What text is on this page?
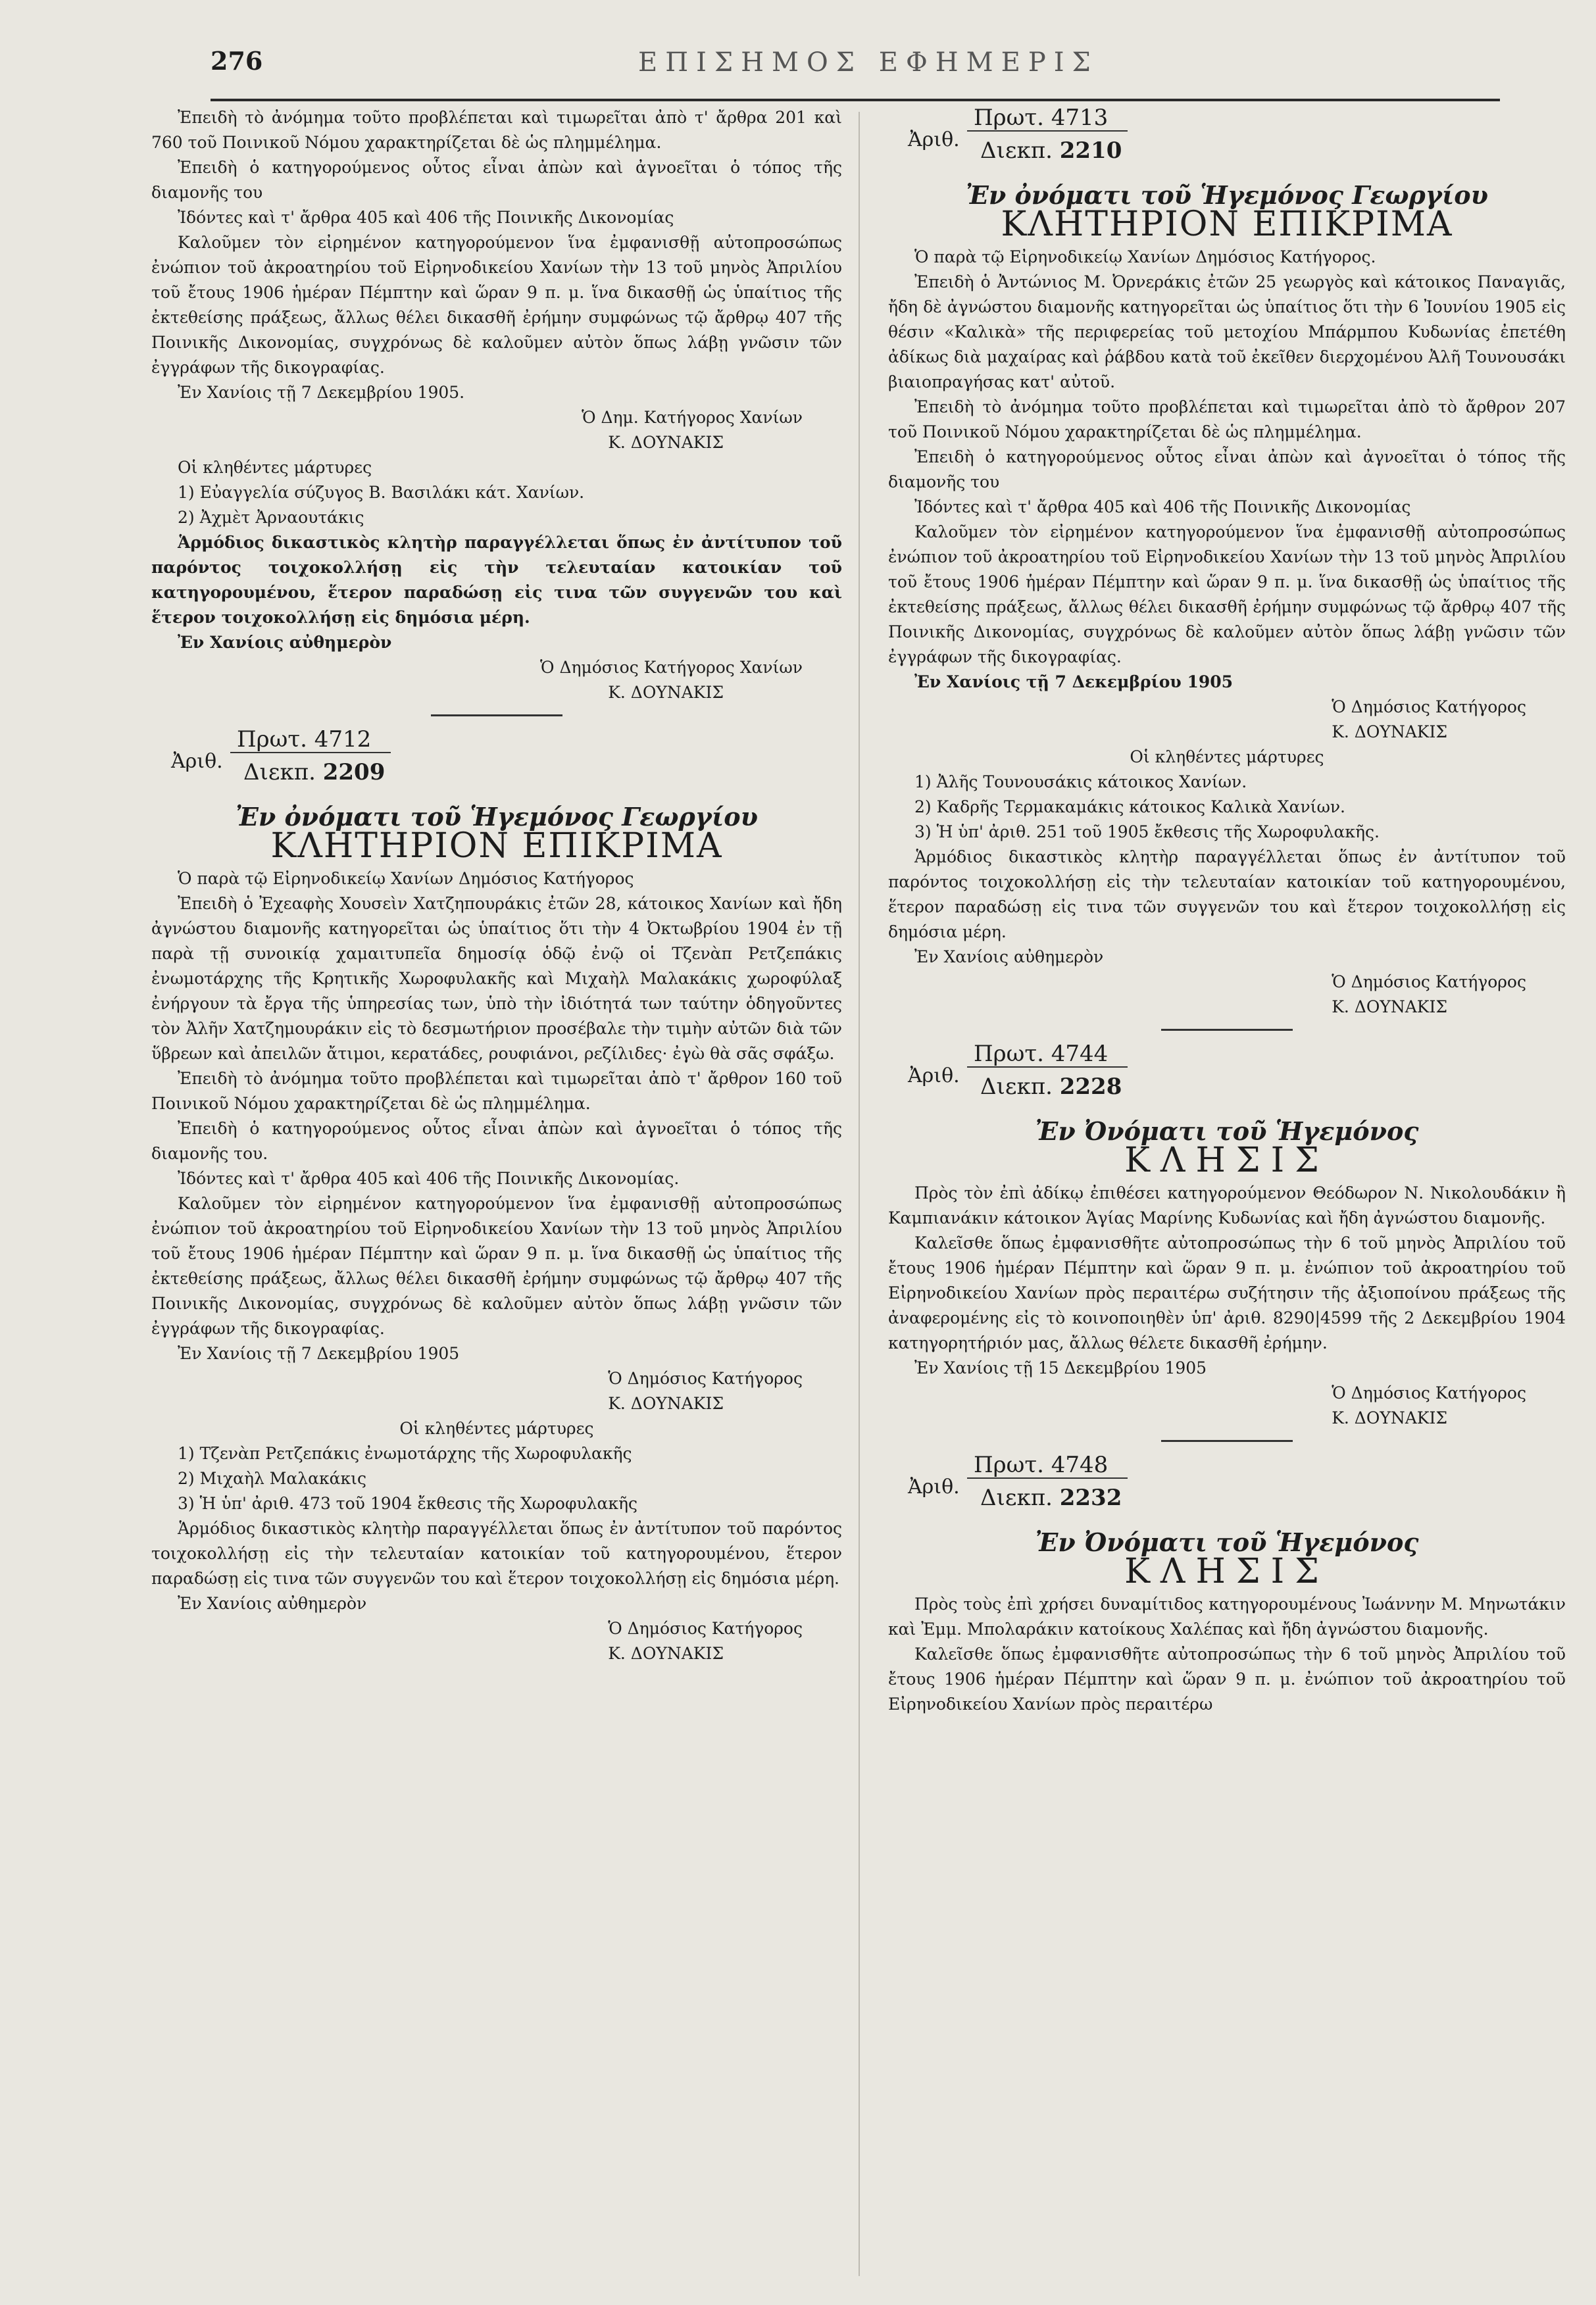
276	ΕΠΙΣΗΜΟΣ ΕΦΗΜΕΡΙΣ

Ἐπειδὴ τὸ ἀνόμημα τοῦτο προβλέπεται καὶ τιμωρεῖται ἀπὸ τ' ἄρθρα 201 καὶ 760 τοῦ Ποινικοῦ Νόμου χαρακτηρίζεται δὲ ὡς πλημμέλημα.

Ἐπειδὴ ὁ κατηγορούμενος οὗτος εἶναι ἀπὼν καὶ ἀγνοεῖται ὁ τόπος τῆς διαμονῆς του

Ἰδόντες καὶ τ' ἄρθρα 405 καὶ 406 τῆς Ποινικῆς Δικονομίας

Καλοῦμεν τὸν εἰρημένον κατηγορούμενον ἵνα ἐμφανισθῇ αὐτοπροσώπως ἐνώπιον τοῦ ἀκροατηρίου τοῦ Εἰρηνοδικείου Χανίων τὴν 13 τοῦ μηνὸς Ἀπριλίου τοῦ ἔτους 1906 ἡμέραν Πέμπτην καὶ ὥραν 9 π. μ. ἵνα δικασθῇ ὡς ὑπαίτιος τῆς ἐκτεθείσης πράξεως, ἄλλως θέλει δικασθῆ ἐρήμην συμφώνως τῷ ἄρθρῳ 407 τῆς Ποινικῆς Δικονομίας, συγχρόνως δὲ καλοῦμεν αὐτὸν ὅπως λάβῃ γνῶσιν τῶν ἐγγράφων τῆς δικογραφίας.

Ἐν Χανίοις τῇ 7 Δεκεμβρίου 1905.

Ὁ Δημ. Κατήγορος Χανίων

Κ. ΔΟΥΝΑΚΙΣ

Οἱ κληθέντες μάρτυρες

1) Εὐαγγελία σύζυγος Β. Βασιλάκι κάτ. Χανίων.

2) Ἀχμὲτ Ἀρναουτάκις

Ἁρμόδιος δικαστικὸς κλητὴρ παραγγέλλεται ὅπως ἐν ἀντίτυπον τοῦ παρόντος τοιχοκολλήσῃ εἰς τὴν τελευταίαν κατοικίαν τοῦ κατηγορουμένου, ἕτερον παραδώσῃ εἰς τινα τῶν συγγενῶν του καὶ ἕτερον τοιχοκολλήσῃ εἰς δημόσια μέρη.

Ἐν Χανίοις αὐθημερὸν

Ὁ Δημόσιος Κατήγορος Χανίων

Κ. ΔΟΥΝΑΚΙΣ

Ἀριθ.
Πρωτ. 4712
Διεκπ. 2209

Ἐν ὀνόματι τοῦ Ἡγεμόνος Γεωργίου

ΚΛΗΤΗΡΙΟΝ ΕΠΙΚΡΙΜΑ

Ὁ παρὰ τῷ Εἰρηνοδικείῳ Χανίων Δημόσιος Κατήγορος

Ἐπειδὴ ὁ Ἐχεαφὴς Χουσεὶν Χατζηπουράκις ἐτῶν 28, κάτοικος Χανίων καὶ ἤδη ἀγνώστου διαμονῆς κατηγορεῖται ὡς ὑπαίτιος ὅτι τὴν 4 Ὀκτωβρίου 1904 ἐν τῇ παρὰ τῇ συνοικίᾳ χαμαιτυπεῖα δημοσίᾳ ὁδῷ ἐνῷ οἱ Τζενὰπ Ρετζεπάκις ἐνωμοτάρχης τῆς Κρητικῆς Χωροφυλακῆς καὶ Μιχαὴλ Μαλακάκις χωροφύλαξ ἐνήργουν τὰ ἔργα τῆς ὑπηρεσίας των, ὑπὸ τὴν ἰδιότητά των ταύτην ὁδηγοῦντες τὸν Ἀλῆν Χατζημουράκιν εἰς τὸ δεσμωτήριον προσέβαλε τὴν τιμὴν αὐτῶν διὰ τῶν ὕβρεων καὶ ἀπειλῶν ἄτιμοι, κερατάδες, ρουφιάνοι, ρεζίλιδες· ἐγὼ θὰ σᾶς σφάξω.

Ἐπειδὴ τὸ ἀνόμημα τοῦτο προβλέπεται καὶ τιμωρεῖται ἀπὸ τ' ἄρθρον 160 τοῦ Ποινικοῦ Νόμου χαρακτηρίζεται δὲ ὡς πλημμέλημα.

Ἐπειδὴ ὁ κατηγορούμενος οὗτος εἶναι ἀπὼν καὶ ἀγνοεῖται ὁ τόπος τῆς διαμονῆς του.

Ἰδόντες καὶ τ' ἄρθρα 405 καὶ 406 τῆς Ποινικῆς Δικονομίας.

Καλοῦμεν τὸν εἰρημένον κατηγορούμενον ἵνα ἐμφανισθῇ αὐτοπροσώπως ἐνώπιον τοῦ ἀκροατηρίου τοῦ Εἰρηνοδικείου Χανίων τὴν 13 τοῦ μηνὸς Ἀπριλίου τοῦ ἔτους 1906 ἡμέραν Πέμπτην καὶ ὥραν 9 π. μ. ἵνα δικασθῇ ὡς ὑπαίτιος τῆς ἐκτεθείσης πράξεως, ἄλλως θέλει δικασθῆ ἐρήμην συμφώνως τῷ ἄρθρῳ 407 τῆς Ποινικῆς Δικονομίας, συγχρόνως δὲ καλοῦμεν αὐτὸν ὅπως λάβῃ γνῶσιν τῶν ἐγγράφων τῆς δικογραφίας.

Ἐν Χανίοις τῇ 7 Δεκεμβρίου 1905

Ὁ Δημόσιος Κατήγορος

Κ. ΔΟΥΝΑΚΙΣ

Οἱ κληθέντες μάρτυρες

1) Τζενὰπ Ρετζεπάκις ἐνωμοτάρχης τῆς Χωροφυλακῆς

2) Μιχαὴλ Μαλακάκις

3) Ἡ ὑπ' ἀριθ. 473 τοῦ 1904 ἔκθεσις τῆς Χωροφυλακῆς

Ἁρμόδιος δικαστικὸς κλητὴρ παραγγέλλεται ὅπως ἐν ἀντίτυπον τοῦ παρόντος τοιχοκολλήσῃ εἰς τὴν τελευταίαν κατοικίαν τοῦ κατηγορουμένου, ἕτερον παραδώσῃ εἰς τινα τῶν συγγενῶν του καὶ ἕτερον τοιχοκολλήσῃ εἰς δημόσια μέρη.

Ἐν Χανίοις αὐθημερὸν

Ὁ Δημόσιος Κατήγορος

Κ. ΔΟΥΝΑΚΙΣ

Ἀριθ.
Πρωτ. 4713
Διεκπ. 2210

Ἐν ὀνόματι τοῦ Ἡγεμόνος Γεωργίου

ΚΛΗΤΗΡΙΟΝ ΕΠΙΚΡΙΜΑ

Ὁ παρὰ τῷ Εἰρηνοδικείῳ Χανίων Δημόσιος Κατήγορος.

Ἐπειδὴ ὁ Ἀντώνιος Μ. Ὀρνεράκις ἐτῶν 25 γεωργὸς καὶ κάτοικος Παναγιᾶς, ἤδη δὲ ἀγνώστου διαμονῆς κατηγορεῖται ὡς ὑπαίτιος ὅτι τὴν 6 Ἰουνίου 1905 εἰς θέσιν «Καλικὰ» τῆς περιφερείας τοῦ μετοχίου Μπάρμπου Κυδωνίας ἐπετέθη ἀδίκως διὰ μαχαίρας καὶ ῥάβδου κατὰ τοῦ ἐκεῖθεν διερχομένου Ἀλῆ Τουνουσάκι βιαιοπραγήσας κατ' αὐτοῦ.

Ἐπειδὴ τὸ ἀνόμημα τοῦτο προβλέπεται καὶ τιμωρεῖται ἀπὸ τὸ ἄρθρον 207 τοῦ Ποινικοῦ Νόμου χαρακτηρίζεται δὲ ὡς πλημμέλημα.

Ἐπειδὴ ὁ κατηγορούμενος οὗτος εἶναι ἀπὼν καὶ ἀγνοεῖται ὁ τόπος τῆς διαμονῆς του

Ἰδόντες καὶ τ' ἄρθρα 405 καὶ 406 τῆς Ποινικῆς Δικονομίας

Καλοῦμεν τὸν εἰρημένον κατηγορούμενον ἵνα ἐμφανισθῇ αὐτοπροσώπως ἐνώπιον τοῦ ἀκροατηρίου τοῦ Εἰρηνοδικείου Χανίων τὴν 13 τοῦ μηνὸς Ἀπριλίου τοῦ ἔτους 1906 ἡμέραν Πέμπτην καὶ ὥραν 9 π. μ. ἵνα δικασθῇ ὡς ὑπαίτιος τῆς ἐκτεθείσης πράξεως, ἄλλως θέλει δικασθῆ ἐρήμην συμφώνως τῷ ἄρθρῳ 407 τῆς Ποινικῆς Δικονομίας, συγχρόνως δὲ καλοῦμεν αὐτὸν ὅπως λάβῃ γνῶσιν τῶν ἐγγράφων τῆς δικογραφίας.

Ἐν Χανίοις τῇ 7 Δεκεμβρίου 1905

Ὁ Δημόσιος Κατήγορος

Κ. ΔΟΥΝΑΚΙΣ

Οἱ κληθέντες μάρτυρες

1) Ἀλῆς Τουνουσάκις κάτοικος Χανίων.

2) Καδρῆς Τερμακαμάκις κάτοικος Καλικὰ Χανίων.

3) Ἡ ὑπ' ἀριθ. 251 τοῦ 1905 ἔκθεσις τῆς Χωροφυλακῆς.

Ἁρμόδιος δικαστικὸς κλητὴρ παραγγέλλεται ὅπως ἐν ἀντίτυπον τοῦ παρόντος τοιχοκολλήσῃ εἰς τὴν τελευταίαν κατοικίαν τοῦ κατηγορουμένου, ἕτερον παραδώσῃ εἰς τινα τῶν συγγενῶν του καὶ ἕτερον τοιχοκολλήσῃ εἰς δημόσια μέρη.

Ἐν Χανίοις αὐθημερὸν

Ὁ Δημόσιος Κατήγορος

Κ. ΔΟΥΝΑΚΙΣ

Ἀριθ.
Πρωτ. 4744
Διεκπ. 2228

Ἐν Ὀνόματι τοῦ Ἡγεμόνος

ΚΛΗΣΙΣ

Πρὸς τὸν ἐπὶ ἀδίκῳ ἐπιθέσει κατηγορούμενον Θεόδωρον Ν. Νικολουδάκιν ἢ Καμπιανάκιν κάτοικον Ἁγίας Μαρίνης Κυδωνίας καὶ ἤδη ἀγνώστου διαμονῆς.

Καλεῖσθε ὅπως ἐμφανισθῆτε αὐτοπροσώπως τὴν 6 τοῦ μηνὸς Ἀπριλίου τοῦ ἔτους 1906 ἡμέραν Πέμπτην καὶ ὥραν 9 π. μ. ἐνώπιον τοῦ ἀκροατηρίου τοῦ Εἰρηνοδικείου Χανίων πρὸς περαιτέρω συζήτησιν τῆς ἀξιοποίνου πράξεως τῆς ἀναφερομένης εἰς τὸ κοινοποιηθὲν ὑπ' ἀριθ. 8290|4599 τῆς 2 Δεκεμβρίου 1904 κατηγορητήριόν μας, ἄλλως θέλετε δικασθῆ ἐρήμην.

Ἐν Χανίοις τῇ 15 Δεκεμβρίου 1905

Ὁ Δημόσιος Κατήγορος

Κ. ΔΟΥΝΑΚΙΣ

Ἀριθ.
Πρωτ. 4748
Διεκπ. 2232

Ἐν Ὀνόματι τοῦ Ἡγεμόνος

ΚΛΗΣΙΣ

Πρὸς τοὺς ἐπὶ χρήσει δυναμίτιδος κατηγορουμένους Ἰωάννην Μ. Μηνωτάκιν καὶ Ἐμμ. Μπολαράκιν κατοίκους Χαλέπας καὶ ἤδη ἀγνώστου διαμονῆς.

Καλεῖσθε ὅπως ἐμφανισθῆτε αὐτοπροσώπως τὴν 6 τοῦ μηνὸς Ἀπριλίου τοῦ ἔτους 1906 ἡμέραν Πέμπτην καὶ ὥραν 9 π. μ. ἐνώπιον τοῦ ἀκροατηρίου τοῦ Εἰρηνοδικείου Χανίων πρὸς περαιτέρω
